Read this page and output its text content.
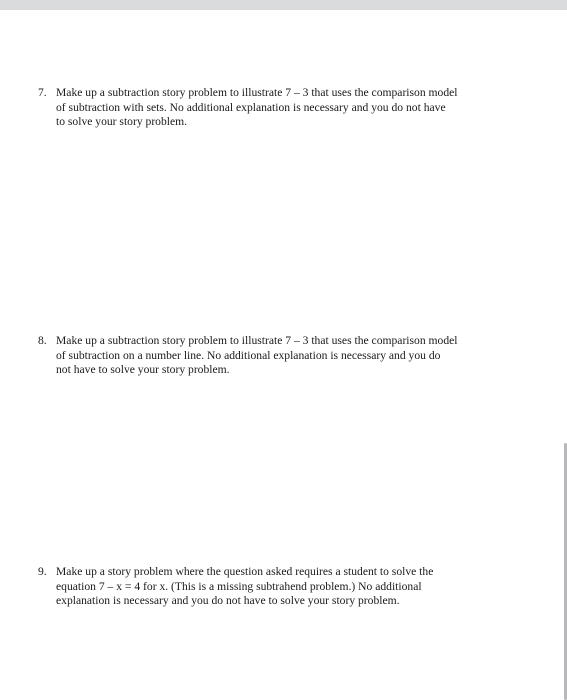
7. Make up a subtraction story problem to illustrate 7 – 3 that uses the comparison model
of subtraction with sets. No additional explanation is necessary and you do not have
to solve your story problem.
8. Make up a subtraction story problem to illustrate 7 – 3 that uses the comparison model
of subtraction on a number line. No additional explanation is necessary and you do
not have to solve your story problem.
9. Make up a story problem where the question asked requires a student to solve the
equation 7 – x = 4 for x. (This is a missing subtrahend problem.) No additional
explanation is necessary and you do not have to solve your story problem.
